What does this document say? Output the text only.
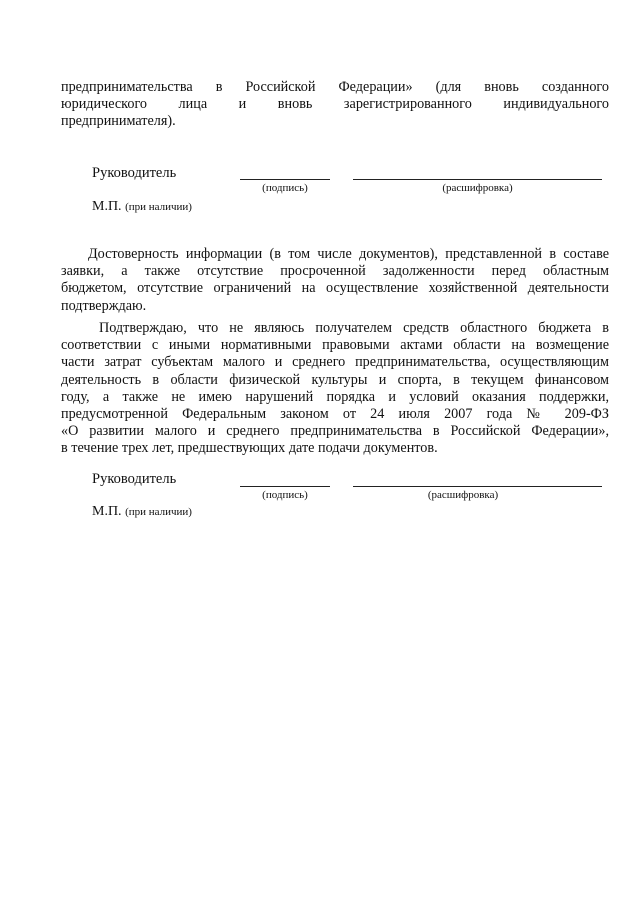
предпринимательства в Российской Федерации» (для вновь созданного
юридического лица и вновь зарегистрированного индивидуального
предпринимателя).
Руководитель
(подпись)	(расшифровка)
М.П. (при наличии)
Достоверность информации (в том числе документов), представленной в составе
заявки, а также отсутствие просроченной задолженности перед областным
бюджетом, отсутствие ограничений на осуществление хозяйственной деятельности
подтверждаю.
Подтверждаю, что не являюсь получателем средств областного бюджета в
соответствии с иными нормативными правовыми актами области на возмещение
части затрат субъектам малого и среднего предпринимательства, осуществляющим
деятельность в области физической культуры и спорта, в текущем финансовом
году, а также не имею нарушений порядка и условий оказания поддержки,
предусмотренной Федеральным законом от 24 июля 2007 года № 209-ФЗ
«О развитии малого и среднего предпринимательства в Российской Федерации»,
в течение трех лет, предшествующих дате подачи документов.
Руководитель
(подпись)	(расшифровка)
М.П. (при наличии)
